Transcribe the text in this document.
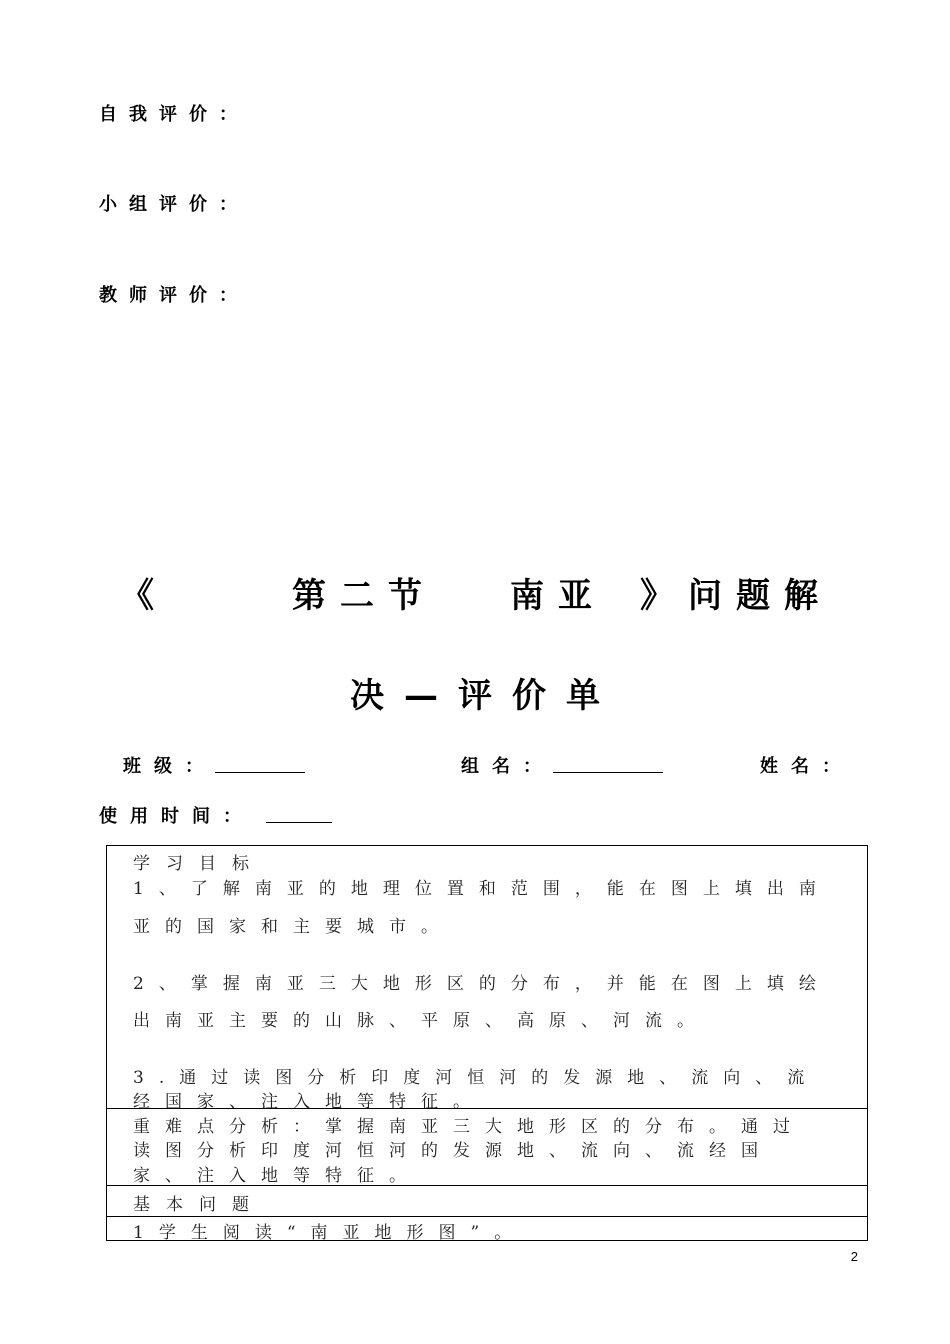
自我评价：
小组评价：
教师评价：
《	第二节 南亚 》问题解
决—评价单
班级：	组名：	姓名：
使用时间：
学习目标
1、了解南亚的地理位置和范围，能在图上填出南
亚的国家和主要城市。
2、掌握南亚三大地形区的分布，并能在图上填绘
出南亚主要的山脉、平原、高原、河流。
3.通过读图分析印度河恒河的发源地、流向、流
经国家、注入地等特征。
重难点分析：掌握南亚三大地形区的分布。通过
读图分析印度河恒河的发源地、流向、流经国
家、注入地等特征。
基本问题
1学生阅读“南亚地形图”。
2
